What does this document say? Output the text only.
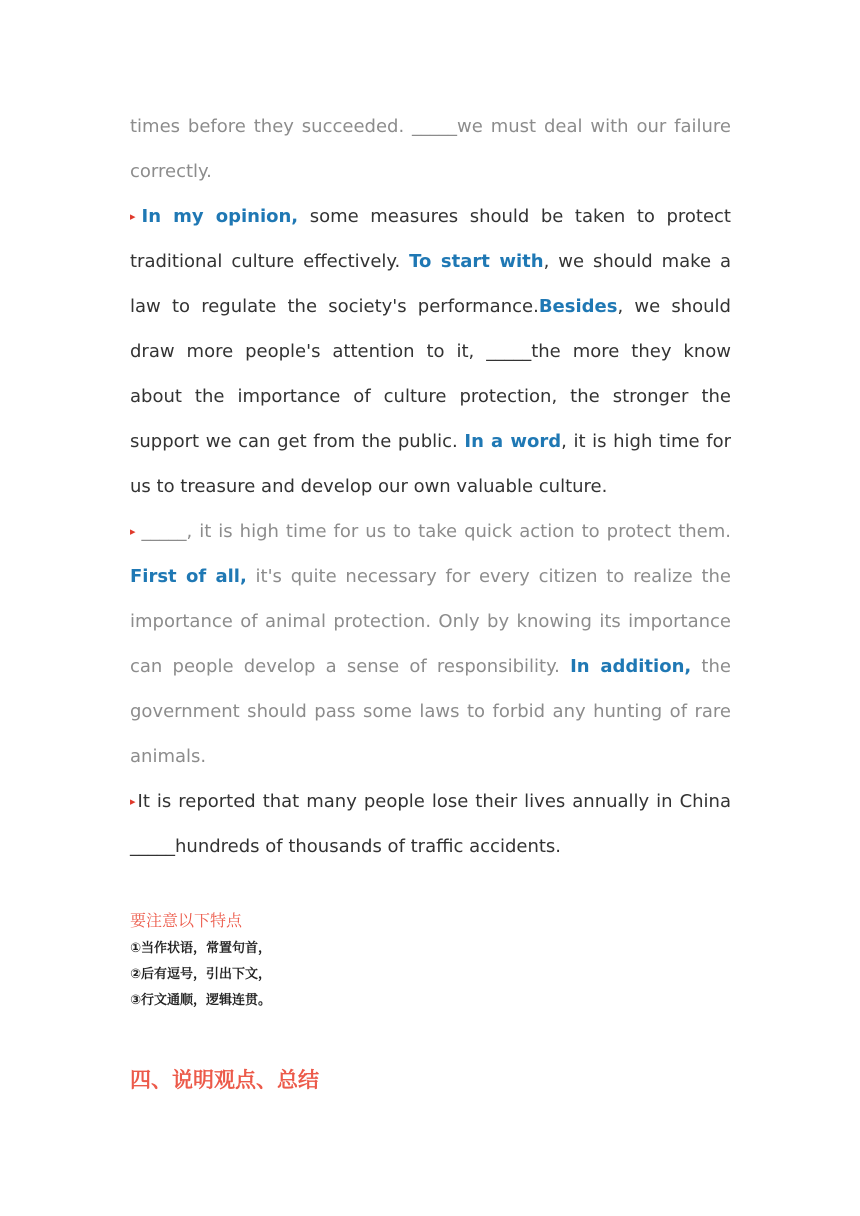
times before they succeeded. _____we must deal with our failure correctly.

▸ In my opinion, some measures should be taken to protect traditional culture effectively. To start with, we should make a law to regulate the society's performance.Besides, we should draw more people's attention to it, _____the more they know about the importance of culture protection, the stronger the support we can get from the public. In a word, it is high time for us to treasure and develop our own valuable culture.

▸ _____, it is high time for us to take quick action to protect them. First of all, it's quite necessary for every citizen to realize the importance of animal protection. Only by knowing its importance can people develop a sense of responsibility. In addition, the government should pass some laws to forbid any hunting of rare animals.

▸ It is reported that many people lose their lives annually in China _____hundreds of thousands of traffic accidents.

要注意以下特点

①当作状语，常置句首，

②后有逗号，引出下文，

③行文通顺，逻辑连贯。

四、说明观点、总结
